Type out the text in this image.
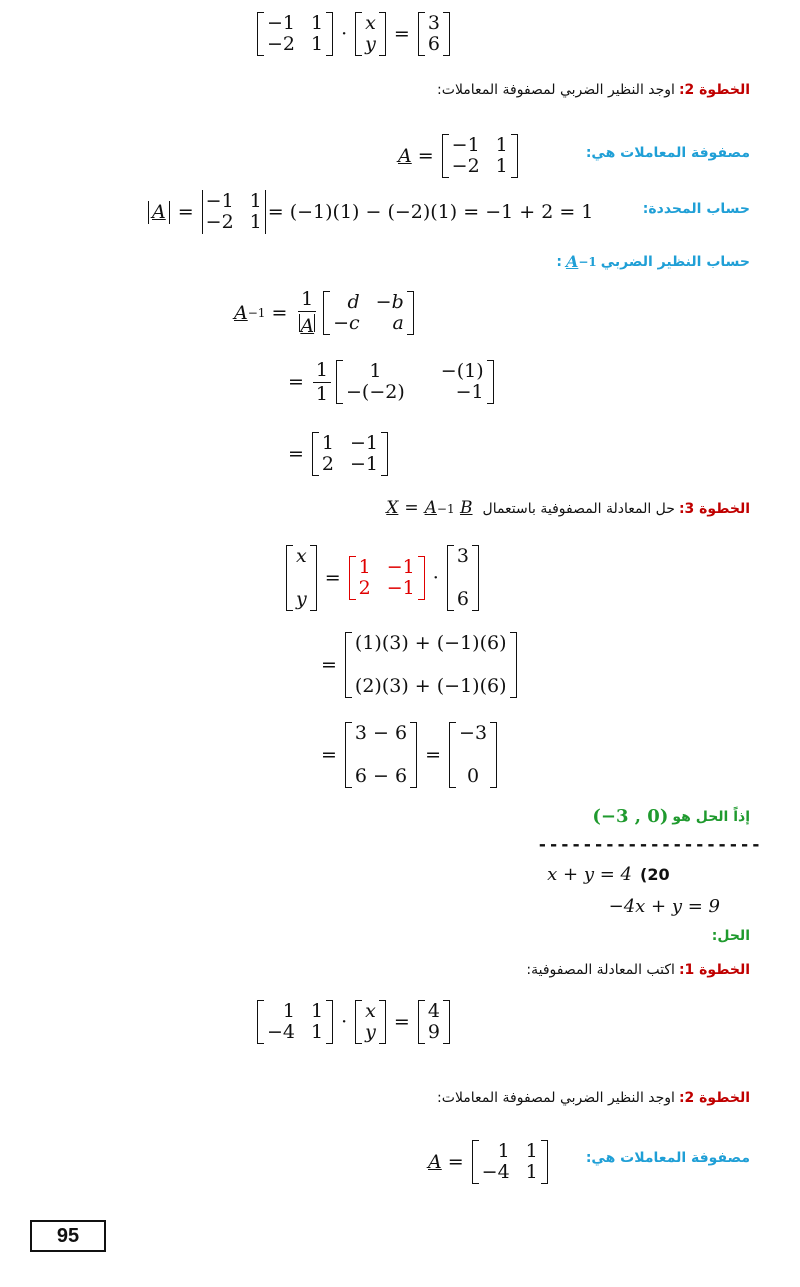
−1 1
−2 1 · x
y = 3
6
الخطوة 2:
اوجد النظير الضربي لمصفوفة المعاملات:
مصفوفة المعاملات هي:
A = −1 1
−2 1
حساب المحددة:
A = −1 1
−2 1 = (−1)(1) − (−2)(1) = −1 + 2 = 1
حساب النظير الضربي
A −1
:
$A -1 = \frac{1}{A}$	d −b
−c	a
= $\frac{1}{1}$	1	−(1)
−(−2)	−1
= 1 −1
2 −1
الخطوة 3:
حل المعادلة المصفوفية باستعمال
X = A −1
B
x
y
= 1 −1
2 −1 ·
3
6
=
(1)(3) + (−1)(6)
(2)(3) + (−1)(6)
=
3 − 6
6 − 6
=
−3
0
إذاً الحل هو
(−3 , 0)
--------------------
(20
x + y = 4
−4x + y = 9
الحل:
الخطوة 1:
اكتب المعادلة المصفوفية:
1 1
−4 1 · x
y = 4
9
الخطوة 2:
اوجد النظير الضربي لمصفوفة المعاملات:
مصفوفة المعاملات هي:
A =	1 1
−4 1
95
